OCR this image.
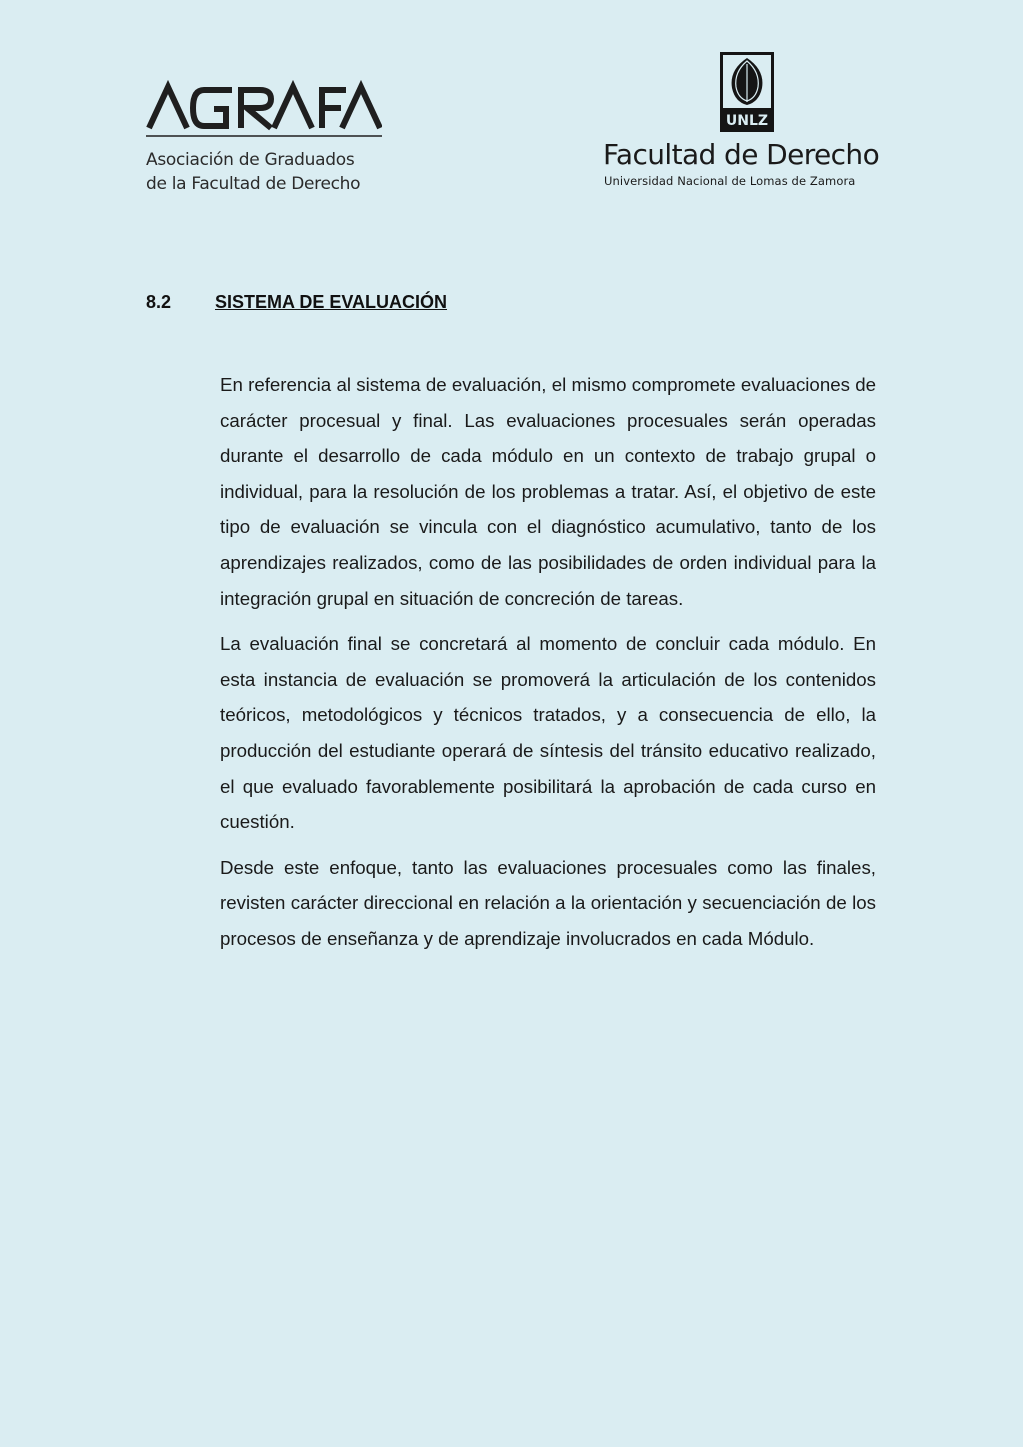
Asociación de Graduados
de la Facultad de Derecho
UNLZ
Facultad de Derecho
Universidad Nacional de Lomas de Zamora
8.2 SISTEMA DE EVALUACIÓN

En referencia al sistema de evaluación, el mismo compromete evaluaciones de carácter procesual y final. Las evaluaciones procesuales serán operadas durante el desarrollo de cada módulo en un contexto de trabajo grupal o individual, para la resolución de los problemas a tratar. Así, el objetivo de este tipo de evaluación se vincula con el diagnóstico acumulativo, tanto de los aprendizajes realizados, como de las posibilidades de orden individual para la integración grupal en situación de concreción de tareas.

La evaluación final se concretará al momento de concluir cada módulo. En esta instancia de evaluación se promoverá la articulación de los contenidos teóricos, metodológicos y técnicos tratados, y a consecuencia de ello, la producción del estudiante operará de síntesis del tránsito educativo realizado, el que evaluado favorablemente posibilitará la aprobación de cada curso en cuestión.

Desde este enfoque, tanto las evaluaciones procesuales como las finales, revisten carácter direccional en relación a la orientación y secuenciación de los procesos de enseñanza y de aprendizaje involucrados en cada Módulo.
